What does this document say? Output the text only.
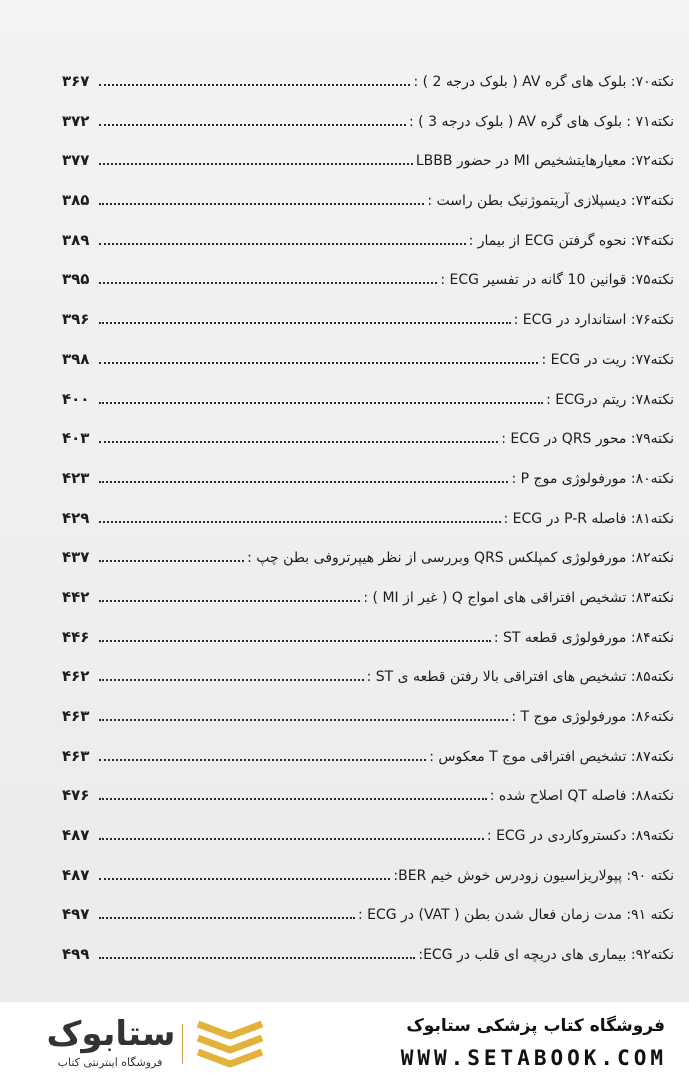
نکته۷۰: بلوک های گره AV ( بلوک درجه 2 ) :
۳۶۷
نکته۷۱ : بلوک های گره AV ( بلوک درجه 3 ) :
۳۷۲
نکته۷۲: معیارهایتشخیص MI در حضور LBBB
۳۷۷
نکته۷۳: دیسپلازی آریتموژنیک بطن راست :
۳۸۵
نکته۷۴: نحوه گرفتن ECG از بیمار :
۳۸۹
نکته۷۵: قوانین 10 گانه در تفسیر ECG :
۳۹۵
نکته۷۶: استاندارد در ECG :
۳۹۶
نکته۷۷: ریت در ECG :
۳۹۸
نکته۷۸: ریتم درECG :
۴۰۰
نکته۷۹: محور QRS در ECG :
۴۰۳
نکته۸۰: مورفولوژی موج P :
۴۲۳
نکته۸۱: فاصله P-R در ECG :
۴۲۹
نکته۸۲: مورفولوژی کمپلکس QRS وبررسی از نظر هیپرتروفی بطن چپ :
۴۳۷
نکته۸۳: تشخیص افتراقی های امواج Q ( غیر از MI ) :
۴۴۲
نکته۸۴: مورفولوژی قطعه ST :
۴۴۶
نکته۸۵: تشخیص های افتراقی بالا رفتن قطعه ی ST :
۴۶۲
نکته۸۶: مورفولوژی موج T :
۴۶۳
نکته۸۷: تشخیص افتراقی موج T معکوس :
۴۶۳
نکته۸۸: فاصله QT اصلاح شده :
۴۷۶
نکته۸۹: دکستروکاردی در ECG :
۴۸۷
نکته ۹۰: پپولاریزاسیون زودرس خوش خیم BER:
۴۸۷
نکته ۹۱: مدت زمان فعال شدن بطن ( VAT) در ECG :
۴۹۷
نکته۹۲: بیماری های دریچه ای قلب در ECG:
۴۹۹
ستابوک
فروشگاه اینترنتی کتاب
فروشگاه کتاب پزشکی ستابوک
WWW.SETABOOK.COM
